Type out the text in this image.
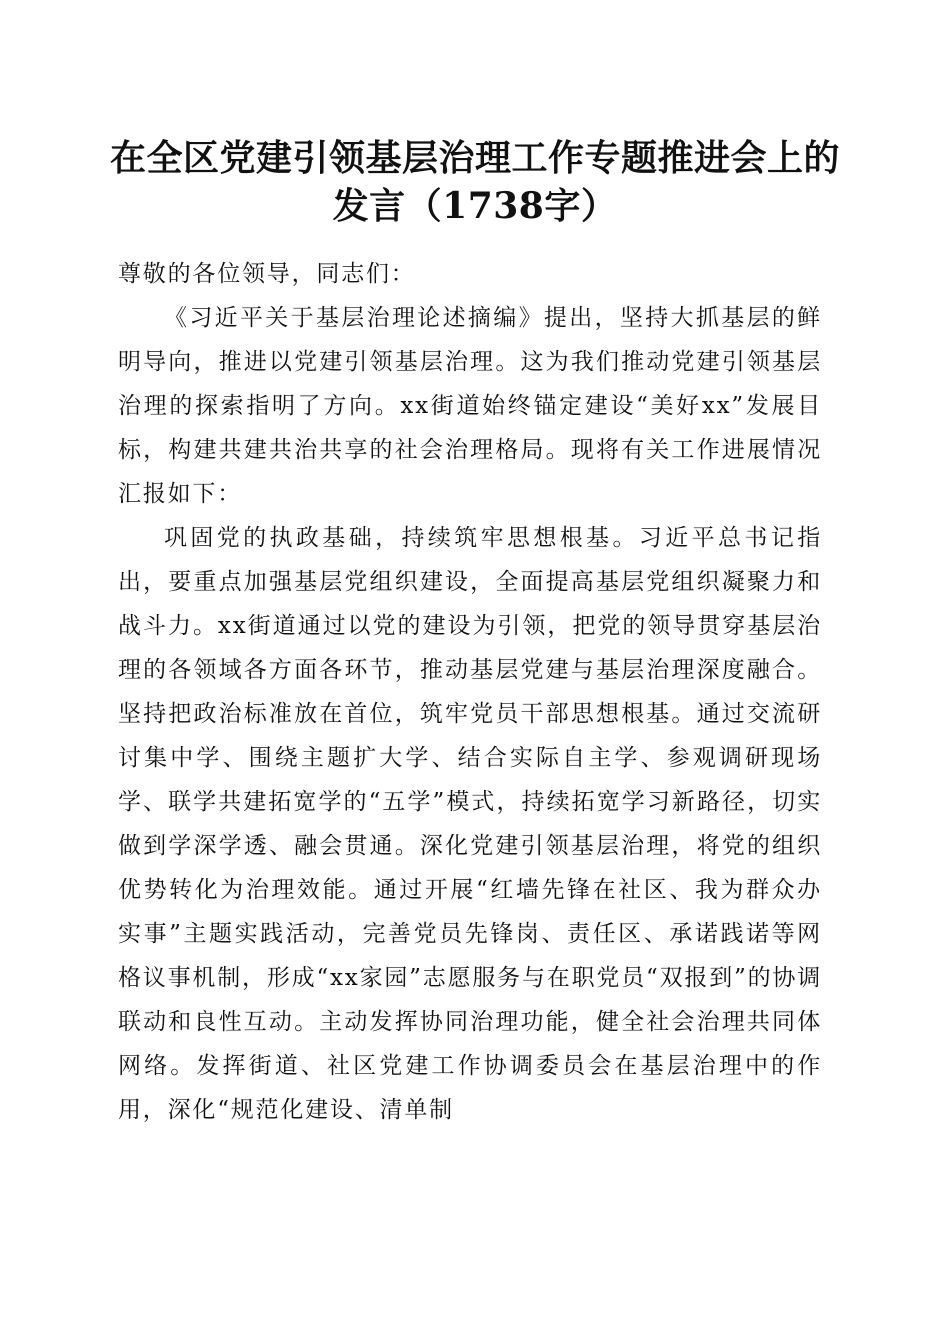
在全区党建引领基层治理工作专题推进会上的
发言（1738字）

尊敬的各位领导，同志们：

《习近平关于基层治理论述摘编》提出，坚持大抓基层的鲜明导向，推进以党建引领基层治理。这为我们推动党建引领基层治理的探索指明了方向。xx街道始终锚定建设“美好xx”发展目标，构建共建共治共享的社会治理格局。现将有关工作进展情况汇报如下：

巩固党的执政基础，持续筑牢思想根基。习近平总书记指出，要重点加强基层党组织建设，全面提高基层党组织凝聚力和战斗力。xx街道通过以党的建设为引领，把党的领导贯穿基层治理的各领域各方面各环节，推动基层党建与基层治理深度融合。坚持把政治标准放在首位，筑牢党员干部思想根基。通过交流研讨集中学、围绕主题扩大学、结合实际自主学、参观调研现场学、联学共建拓宽学的“五学”模式，持续拓宽学习新路径，切实做到学深学透、融会贯通。深化党建引领基层治理，将党的组织优势转化为治理效能。通过开展“红墙先锋在社区、我为群众办实事”主题实践活动，完善党员先锋岗、责任区、承诺践诺等网格议事机制，形成“xx家园”志愿服务与在职党员“双报到”的协调联动和良性互动。主动发挥协同治理功能，健全社会治理共同体网络。发挥街道、社区党建工作协调委员会在基层治理中的作用，深化“规范化建设、清单制
